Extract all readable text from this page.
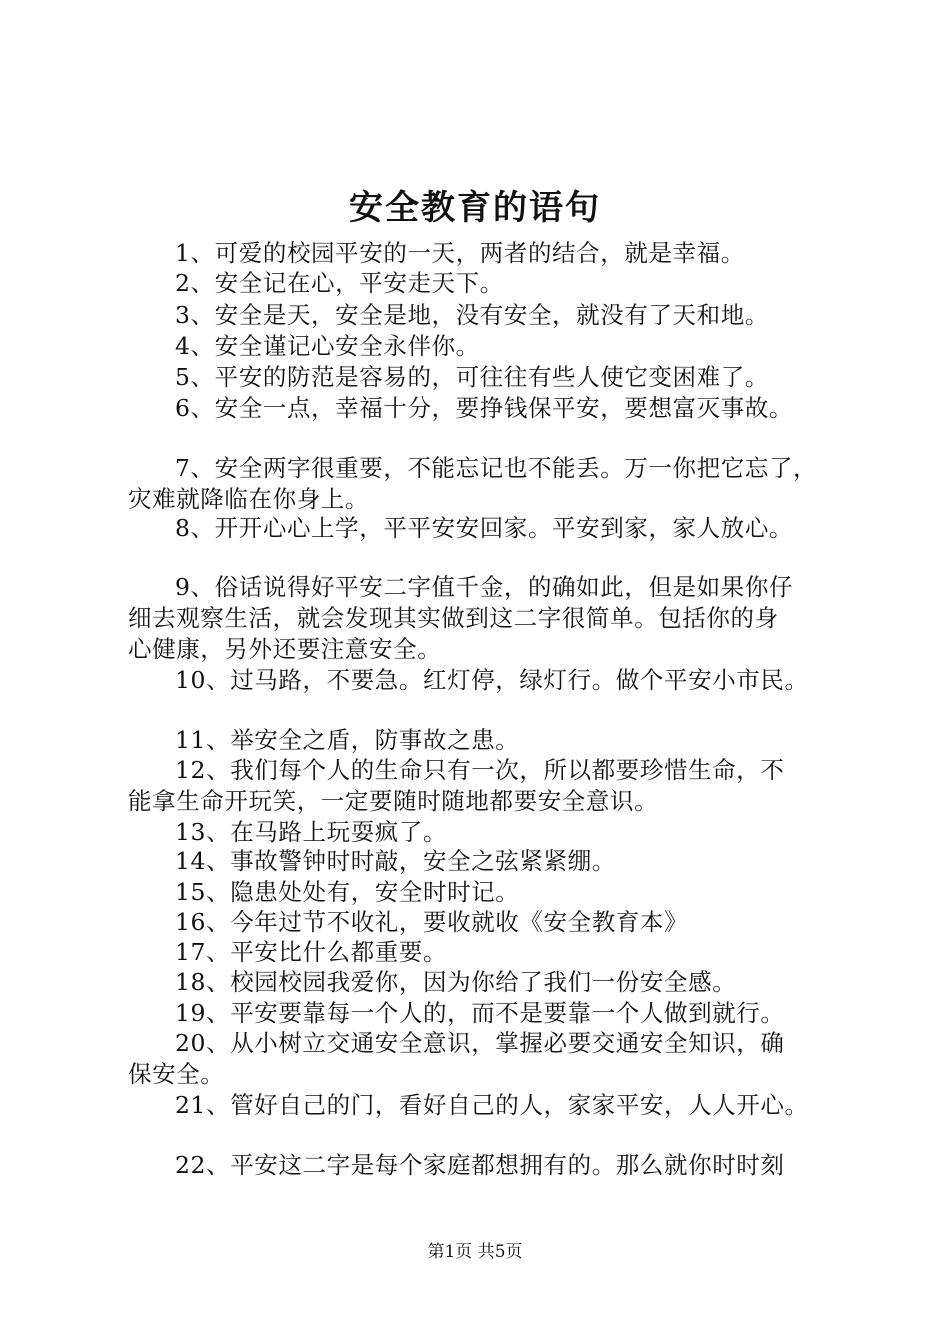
安全教育的语句
1、可爱的校园平安的一天，两者的结合，就是幸福。
2、安全记在心，平安走天下。
3、安全是天，安全是地，没有安全，就没有了天和地。
4、安全谨记心安全永伴你。
5、平安的防范是容易的，可往往有些人使它变困难了。
6、安全一点，幸福十分，要挣钱保平安，要想富灭事故。
7、安全两字很重要，不能忘记也不能丢。万一你把它忘了，
灾难就降临在你身上。
8、开开心心上学，平平安安回家。平安到家，家人放心。
9、俗话说得好平安二字值千金，的确如此，但是如果你仔
细去观察生活，就会发现其实做到这二字很简单。包括你的身
心健康，另外还要注意安全。
10、过马路，不要急。红灯停，绿灯行。做个平安小市民。
11、举安全之盾，防事故之患。
12、我们每个人的生命只有一次，所以都要珍惜生命，不
能拿生命开玩笑，一定要随时随地都要安全意识。
13、在马路上玩耍疯了。
14、事故警钟时时敲，安全之弦紧紧绷。
15、隐患处处有，安全时时记。
16、今年过节不收礼，要收就收《安全教育本》
17、平安比什么都重要。
18、校园校园我爱你，因为你给了我们一份安全感。
19、平安要靠每一个人的，而不是要靠一个人做到就行。
20、从小树立交通安全意识，掌握必要交通安全知识，确
保安全。
21、管好自己的门，看好自己的人，家家平安，人人开心。
22、平安这二字是每个家庭都想拥有的。那么就你时时刻
第1页 共5页
